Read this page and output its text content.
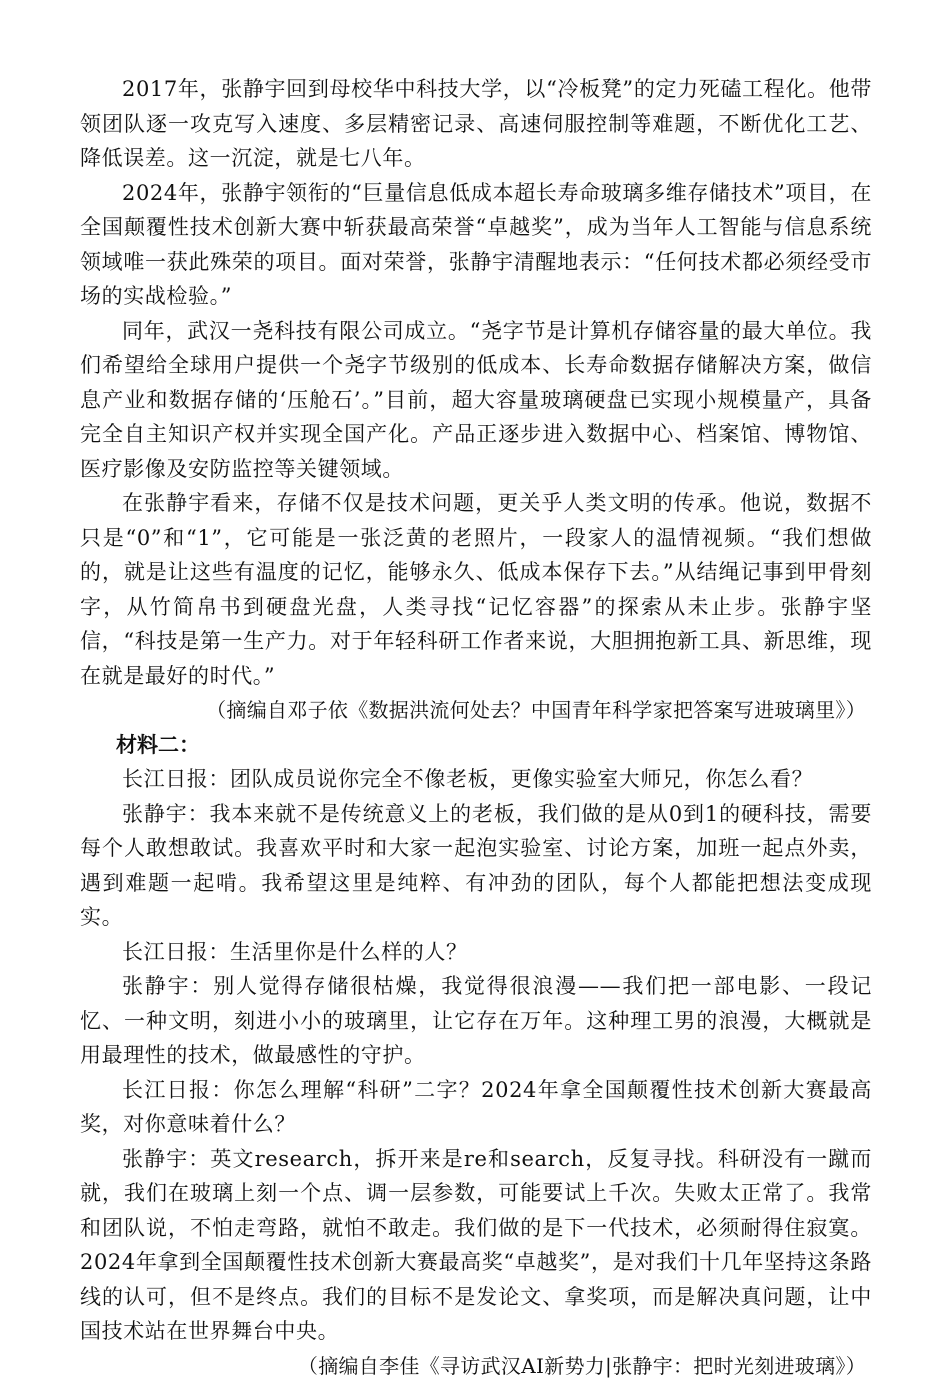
2017年，张静宇回到母校华中科技大学，以“冷板凳”的定力死磕工程化。他带领团队逐一攻克写入速度、多层精密记录、高速伺服控制等难题，不断优化工艺、降低误差。这一沉淀，就是七八年。

2024年，张静宇领衔的“巨量信息低成本超长寿命玻璃多维存储技术”项目，在全国颠覆性技术创新大赛中斩获最高荣誉“卓越奖”，成为当年人工智能与信息系统领域唯一获此殊荣的项目。面对荣誉，张静宇清醒地表示：“任何技术都必须经受市场的实战检验。”

同年，武汉一尧科技有限公司成立。“尧字节是计算机存储容量的最大单位。我们希望给全球用户提供一个尧字节级别的低成本、长寿命数据存储解决方案，做信息产业和数据存储的‘压舱石’。”目前，超大容量玻璃硬盘已实现小规模量产，具备完全自主知识产权并实现全国产化。产品正逐步进入数据中心、档案馆、博物馆、医疗影像及安防监控等关键领域。

在张静宇看来，存储不仅是技术问题，更关乎人类文明的传承。他说，数据不只是“0”和“1”，它可能是一张泛黄的老照片，一段家人的温情视频。“我们想做的，就是让这些有温度的记忆，能够永久、低成本保存下去。”从结绳记事到甲骨刻字，从竹简帛书到硬盘光盘，人类寻找“记忆容器”的探索从未止步。张静宇坚信，“科技是第一生产力。对于年轻科研工作者来说，大胆拥抱新工具、新思维，现在就是最好的时代。”

（摘编自邓子依《数据洪流何处去？中国青年科学家把答案写进玻璃里》）

材料二：

长江日报：团队成员说你完全不像老板，更像实验室大师兄，你怎么看？

张静宇：我本来就不是传统意义上的老板，我们做的是从0到1的硬科技，需要每个人敢想敢试。我喜欢平时和大家一起泡实验室、讨论方案，加班一起点外卖，遇到难题一起啃。我希望这里是纯粹、有冲劲的团队，每个人都能把想法变成现实。

长江日报：生活里你是什么样的人？

张静宇：别人觉得存储很枯燥，我觉得很浪漫——我们把一部电影、一段记忆、一种文明，刻进小小的玻璃里，让它存在万年。这种理工男的浪漫，大概就是用最理性的技术，做最感性的守护。

长江日报：你怎么理解“科研”二字？2024年拿全国颠覆性技术创新大赛最高奖，对你意味着什么？

张静宇：英文research，拆开来是re和search，反复寻找。科研没有一蹴而就，我们在玻璃上刻一个点、调一层参数，可能要试上千次。失败太正常了。我常和团队说，不怕走弯路，就怕不敢走。我们做的是下一代技术，必须耐得住寂寞。2024年拿到全国颠覆性技术创新大赛最高奖“卓越奖”，是对我们十几年坚持这条路线的认可，但不是终点。我们的目标不是发论文、拿奖项，而是解决真问题，让中国技术站在世界舞台中央。

（摘编自李佳《寻访武汉AI新势力|张静宇：把时光刻进玻璃》）
